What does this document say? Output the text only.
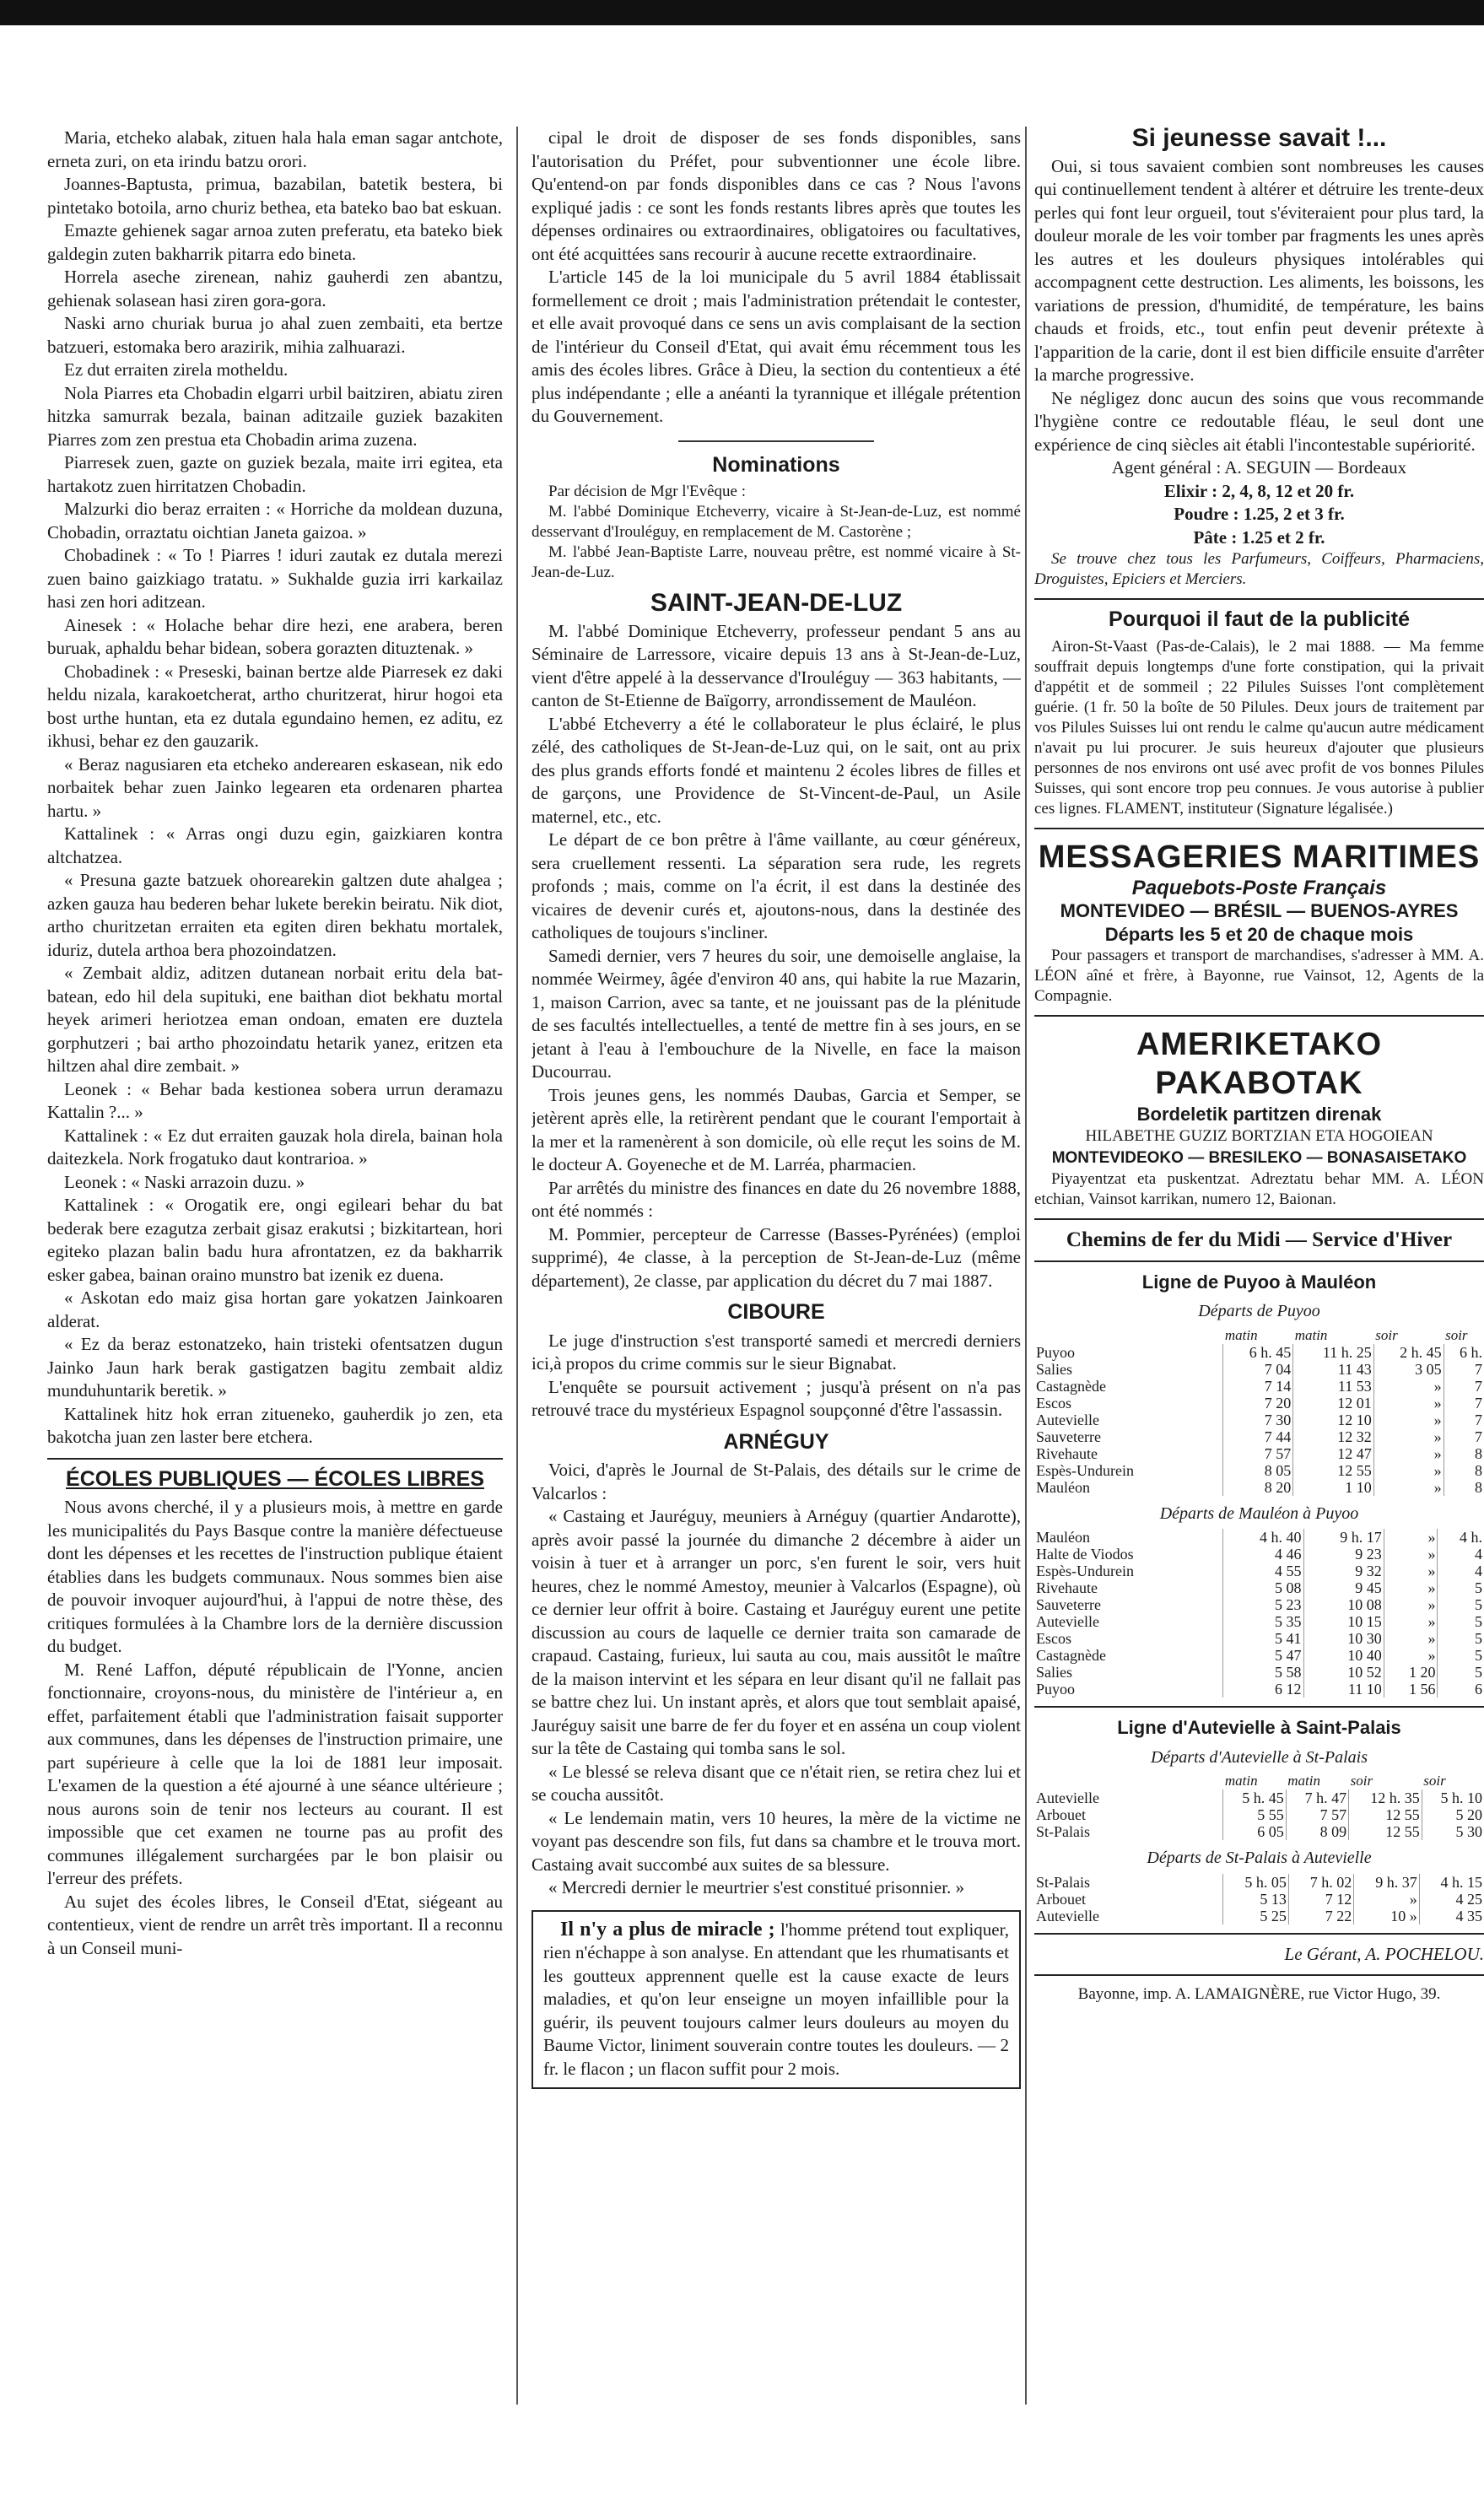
Maria, etcheko alabak, zituen hala hala eman sagar antchote, erneta zuri, on eta irindu batzu orori.

Joannes-Baptusta, primua, bazabilan, batetik bestera, bi pintetako botoila, arno churiz bethea, eta bateko bao bat eskuan.

Emazte gehienek sagar arnoa zuten preferatu, eta bateko biek galdegin zuten bakharrik pitarra edo bineta.

Horrela aseche zirenean, nahiz gauherdi zen abantzu, gehienak solasean hasi ziren gora-gora.

Naski arno churiak burua jo ahal zuen zembaiti, eta bertze batzueri, estomaka bero arazirik, mihia zalhuarazi.

Ez dut erraiten zirela motheldu.

Nola Piarres eta Chobadin elgarri urbil baitziren, abiatu ziren hitzka samurrak bezala, bainan aditzaile guziek bazakiten Piarres zom zen prestua eta Chobadin arima zuzena.

Piarresek zuen, gazte on guziek bezala, maite irri egitea, eta hartakotz zuen hirritatzen Chobadin.

Malzurki dio beraz erraiten : « Horriche da moldean duzuna, Chobadin, orraztatu oichtian Janeta gaizoa. »

Chobadinek : « To ! Piarres ! iduri zautak ez dutala merezi zuen baino gaizkiago tratatu. » Sukhalde guzia irri karkailaz hasi zen hori aditzean.

Ainesek : « Holache behar dire hezi, ene arabera, beren buruak, aphaldu behar bidean, sobera gorazten dituztenak. »

Chobadinek : « Preseski, bainan bertze alde Piarresek ez daki heldu nizala, karakoetcherat, artho churitzerat, hirur hogoi eta bost urthe huntan, eta ez dutala egundaino hemen, ez aditu, ez ikhusi, behar ez den gauzarik.

« Beraz nagusiaren eta etcheko anderearen eskasean, nik edo norbaitek behar zuen Jainko legearen eta ordenaren phartea hartu. »

Kattalinek : « Arras ongi duzu egin, gaizkiaren kontra altchatzea.

« Presuna gazte batzuek ohorearekin galtzen dute ahalgea ; azken gauza hau bederen behar lukete berekin beiratu. Nik diot, artho churitzetan erraiten eta egiten diren bekhatu mortalek, iduriz, dutela arthoa bera phozoindatzen.

« Zembait aldiz, aditzen dutanean norbait eritu dela bat-batean, edo hil dela supituki, ene baithan diot bekhatu mortal heyek arimeri heriotzea eman ondoan, ematen ere duztela gorphutzeri ; bai artho phozoindatu hetarik yanez, eritzen eta hiltzen ahal dire zembait. »

Leonek : « Behar bada kestionea sobera urrun deramazu Kattalin ?... »

Kattalinek : « Ez dut erraiten gauzak hola direla, bainan hola daitezkela. Nork frogatuko daut kontrarioa. »

Leonek : « Naski arrazoin duzu. »

Kattalinek : « Orogatik ere, ongi egileari behar du bat bederak bere ezagutza zerbait gisaz erakutsi ; bizkitartean, hori egiteko plazan balin badu hura afrontatzen, ez da bakharrik esker gabea, bainan oraino munstro bat izenik ez duena.

« Askotan edo maiz gisa hortan gare yokatzen Jainkoaren alderat.

« Ez da beraz estonatzeko, hain tristeki ofentsatzen dugun Jainko Jaun hark berak gastigatzen bagitu zembait aldiz munduhuntarik beretik. »

Kattalinek hitz hok erran zitueneko, gauherdik jo zen, eta bakotcha juan zen laster bere etchera.

ÉCOLES PUBLIQUES — ÉCOLES LIBRES

Nous avons cherché, il y a plusieurs mois, à mettre en garde les municipalités du Pays Basque contre la manière défectueuse dont les dépenses et les recettes de l'instruction publique étaient établies dans les budgets communaux. Nous sommes bien aise de pouvoir invoquer aujourd'hui, à l'appui de notre thèse, des critiques formulées à la Chambre lors de la dernière discussion du budget.

M. René Laffon, député républicain de l'Yonne, ancien fonctionnaire, croyons-nous, du ministère de l'intérieur a, en effet, parfaitement établi que l'administration faisait supporter aux communes, dans les dépenses de l'instruction primaire, une part supérieure à celle que la loi de 1881 leur imposait. L'examen de la question a été ajourné à une séance ultérieure ; nous aurons soin de tenir nos lecteurs au courant. Il est impossible que cet examen ne tourne pas au profit des communes illégalement surchargées par le bon plaisir ou l'erreur des préfets.

Au sujet des écoles libres, le Conseil d'Etat, siégeant au contentieux, vient de rendre un arrêt très important. Il a reconnu à un Conseil muni-

cipal le droit de disposer de ses fonds disponibles, sans l'autorisation du Préfet, pour subventionner une école libre. Qu'entend-on par fonds disponibles dans ce cas ? Nous l'avons expliqué jadis : ce sont les fonds restants libres après que toutes les dépenses ordinaires ou extraordinaires, obligatoires ou facultatives, ont été acquittées sans recourir à aucune recette extraordinaire.

L'article 145 de la loi municipale du 5 avril 1884 établissait formellement ce droit ; mais l'administration prétendait le contester, et elle avait provoqué dans ce sens un avis complaisant de la section de l'intérieur du Conseil d'Etat, qui avait ému récemment tous les amis des écoles libres. Grâce à Dieu, la section du contentieux a été plus indépendante ; elle a anéanti la tyrannique et illégale prétention du Gouvernement.

Nominations

Par décision de Mgr l'Evêque :

M. l'abbé Dominique Etcheverry, vicaire à St-Jean-de-Luz, est nommé desservant d'Irouléguy, en remplacement de M. Castorène ;

M. l'abbé Jean-Baptiste Larre, nouveau prêtre, est nommé vicaire à St-Jean-de-Luz.

SAINT-JEAN-DE-LUZ

M. l'abbé Dominique Etcheverry, professeur pendant 5 ans au Séminaire de Larressore, vicaire depuis 13 ans à St-Jean-de-Luz, vient d'être appelé à la desservance d'Irouléguy — 363 habitants, — canton de St-Etienne de Baïgorry, arrondissement de Mauléon.

L'abbé Etcheverry a été le collaborateur le plus éclairé, le plus zélé, des catholiques de St-Jean-de-Luz qui, on le sait, ont au prix des plus grands efforts fondé et maintenu 2 écoles libres de filles et de garçons, une Providence de St-Vincent-de-Paul, un Asile maternel, etc., etc.

Le départ de ce bon prêtre à l'âme vaillante, au cœur généreux, sera cruellement ressenti. La séparation sera rude, les regrets profonds ; mais, comme on l'a écrit, il est dans la destinée des vicaires de devenir curés et, ajoutons-nous, dans la destinée des catholiques de toujours s'incliner.

Samedi dernier, vers 7 heures du soir, une demoiselle anglaise, la nommée Weirmey, âgée d'environ 40 ans, qui habite la rue Mazarin, 1, maison Carrion, avec sa tante, et ne jouissant pas de la plénitude de ses facultés intellectuelles, a tenté de mettre fin à ses jours, en se jetant à l'eau à l'embouchure de la Nivelle, en face la maison Ducourrau.

Trois jeunes gens, les nommés Daubas, Garcia et Semper, se jetèrent après elle, la retirèrent pendant que le courant l'emportait à la mer et la ramenèrent à son domicile, où elle reçut les soins de M. le docteur A. Goyeneche et de M. Larréa, pharmacien.

Par arrêtés du ministre des finances en date du 26 novembre 1888, ont été nommés :

M. Pommier, percepteur de Carresse (Basses-Pyrénées) (emploi supprimé), 4e classe, à la perception de St-Jean-de-Luz (même département), 2e classe, par application du décret du 7 mai 1887.

CIBOURE

Le juge d'instruction s'est transporté samedi et mercredi derniers ici,à propos du crime commis sur le sieur Bignabat.

L'enquête se poursuit activement ; jusqu'à présent on n'a pas retrouvé trace du mystérieux Espagnol soupçonné d'être l'assassin.

ARNÉGUY

Voici, d'après le Journal de St-Palais, des détails sur le crime de Valcarlos :

« Castaing et Jauréguy, meuniers à Arnéguy (quartier Andarotte), après avoir passé la journée du dimanche 2 décembre à aider un voisin à tuer et à arranger un porc, s'en furent le soir, vers huit heures, chez le nommé Amestoy, meunier à Valcarlos (Espagne), où ce dernier leur offrit à boire. Castaing et Jauréguy eurent une petite discussion au cours de laquelle ce dernier traita son camarade de crapaud. Castaing, furieux, lui sauta au cou, mais aussitôt le maître de la maison intervint et les sépara en leur disant qu'il ne fallait pas se battre chez lui. Un instant après, et alors que tout semblait apaisé, Jauréguy saisit une barre de fer du foyer et en asséna un coup violent sur la tête de Castaing qui tomba sans le sol.

« Le blessé se releva disant que ce n'était rien, se retira chez lui et se coucha aussitôt.

« Le lendemain matin, vers 10 heures, la mère de la victime ne voyant pas descendre son fils, fut dans sa chambre et le trouva mort. Castaing avait succombé aux suites de sa blessure.

« Mercredi dernier le meurtrier s'est constitué prisonnier. »

Il n'y a plus de miracle ; l'homme prétend tout expliquer, rien n'échappe à son analyse. En attendant que les rhumatisants et les goutteux apprennent quelle est la cause exacte de leurs maladies, et qu'on leur enseigne un moyen infaillible pour la guérir, ils peuvent toujours calmer leurs douleurs au moyen du Baume Victor, liniment souverain contre toutes les douleurs. — 2 fr. le flacon ; un flacon suffit pour 2 mois.

Si jeunesse savait !...

Oui, si tous savaient combien sont nombreuses les causes qui continuellement tendent à altérer et détruire les trente-deux perles qui font leur orgueil, tout s'éviteraient pour plus tard, la douleur morale de les voir tomber par fragments les unes après les autres et les douleurs physiques intolérables qui accompagnent cette destruction. Les aliments, les boissons, les variations de pression, d'humidité, de température, les bains chauds et froids, etc., tout enfin peut devenir prétexte à l'apparition de la carie, dont il est bien difficile ensuite d'arrêter la marche progressive.

Ne négligez donc aucun des soins que vous recommande l'hygiène contre ce redoutable fléau, le seul dont une expérience de cinq siècles ait établi l'incontestable supériorité.

Agent général : A. SEGUIN — Bordeaux

Elixir : 2, 4, 8, 12 et 20 fr.

Poudre : 1.25, 2 et 3 fr.

Pâte : 1.25 et 2 fr.

Se trouve chez tous les Parfumeurs, Coiffeurs, Pharmaciens, Droguistes, Epiciers et Merciers.

Pourquoi il faut de la publicité

Airon-St-Vaast (Pas-de-Calais), le 2 mai 1888. — Ma femme souffrait depuis longtemps d'une forte constipation, qui la privait d'appétit et de sommeil ; 22 Pilules Suisses l'ont complètement guérie. (1 fr. 50 la boîte de 50 Pilules. Deux jours de traitement par vos Pilules Suisses lui ont rendu le calme qu'aucun autre médicament n'avait pu lui procurer. Je suis heureux d'ajouter que plusieurs personnes de nos environs ont usé avec profit de vos bonnes Pilules Suisses, qui sont encore trop peu connues. Je vous autorise à publier ces lignes. FLAMENT, instituteur (Signature légalisée.)

MESSAGERIES MARITIMES
Paquebots-Poste Français
MONTEVIDEO — BRÉSIL — BUENOS-AYRES
Départs les 5 et 20 de chaque mois

Pour passagers et transport de marchandises, s'adresser à MM. A. LÉON aîné et frère, à Bayonne, rue Vainsot, 12, Agents de la Compagnie.

AMERIKETAKO PAKABOTAK
Bordeletik partitzen direnak
HILABETHE GUZIZ BORTZIAN ETA HOGOIEAN
MONTEVIDEOKO — BRESILEKO — BONASAISETAKO

Piyayentzat eta puskentzat. Adreztatu behar MM. A. LÉON etchian, Vainsot karrikan, numero 12, Baionan.

Chemins de fer du Midi — Service d'Hiver
Ligne de Puyoo à Mauléon
Départs de Puyoo
	matin	matin	soir	soir
Puyoo	6 h. 45	11 h. 25	2 h. 45	6 h.
Salies	7 04	11 43	3 05	7
Castagnède	7 14	11 53	»	7
Escos	7 20	12 01	»	7
Autevielle	7 30	12 10	»	7
Sauveterre	7 44	12 32	»	7
Rivehaute	7 57	12 47	»	8
Espès-Undurein	8 05	12 55	»	8
Mauléon	8 20	1 10	»	8
Départs de Mauléon à Puyoo
Mauléon	4 h. 40	9 h. 17	»	4 h.
Halte de Viodos	4 46	9 23	»	4
Espès-Undurein	4 55	9 32	»	4
Rivehaute	5 08	9 45	»	5
Sauveterre	5 23	10 08	»	5
Autevielle	5 35	10 15	»	5
Escos	5 41	10 30	»	5
Castagnède	5 47	10 40	»	5
Salies	5 58	10 52	1 20	5
Puyoo	6 12	11 10	1 56	6
Ligne d'Autevielle à Saint-Palais
Départs d'Autevielle à St-Palais
	matin	matin	soir	soir
Autevielle	5 h. 45	7 h. 47	12 h. 35	5 h. 10
Arbouet	5 55	7 57	12 55	5 20
St-Palais	6 05	8 09	12 55	5 30
Départs de St-Palais à Autevielle
St-Palais	5 h. 05	7 h. 02	9 h. 37	4 h. 15
Arbouet	5 13	7 12	»	4 25
Autevielle	5 25	7 22	10 »	4 35

Le Gérant, A. POCHELOU.

Bayonne, imp. A. LAMAIGNÈRE, rue Victor Hugo, 39.
